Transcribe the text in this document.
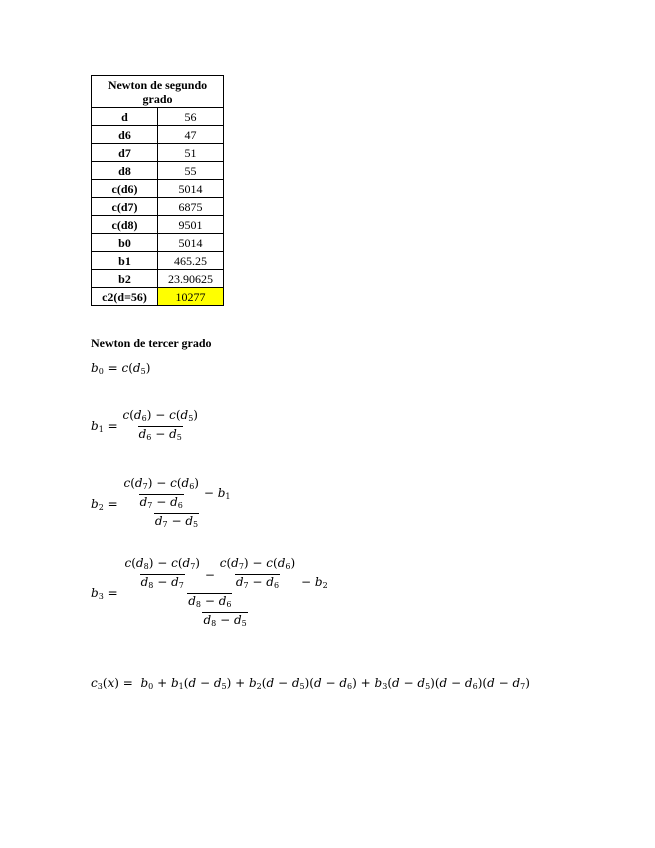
Newton de segundo grado	
d	56
d6	47
d7	51
d8	55
c(d6)	5014
c(d7)	6875
c(d8)	9501
b0	5014
b1	465.25
b2	23.90625
c2(d=56)	10277
Newton de tercer grado
$b_0 = c(d_5)$
$b_1 = \frac{c(d_6) - c(d_5)}{d_6 - d_5}$
$b_2 = \frac{\frac{c(d_7) - c(d_6)}{d_7 - d_6} - b_1}{d_7 - d_5}$
$b_3 = \frac{c(d_8) - c(d_7)}{d_8 - d_7} - \frac{c(d_7) - c(d_6)}{d_7 - d_6}$
$d_8 - d_6$
− $b_2$
$d_8 - d_5$
$c_3(x) = b_0 + b_1(d - d_5) + b_2(d - d_5)(d - d_6) + b_3(d - d_5)(d - d_6)(d - d_7)$
